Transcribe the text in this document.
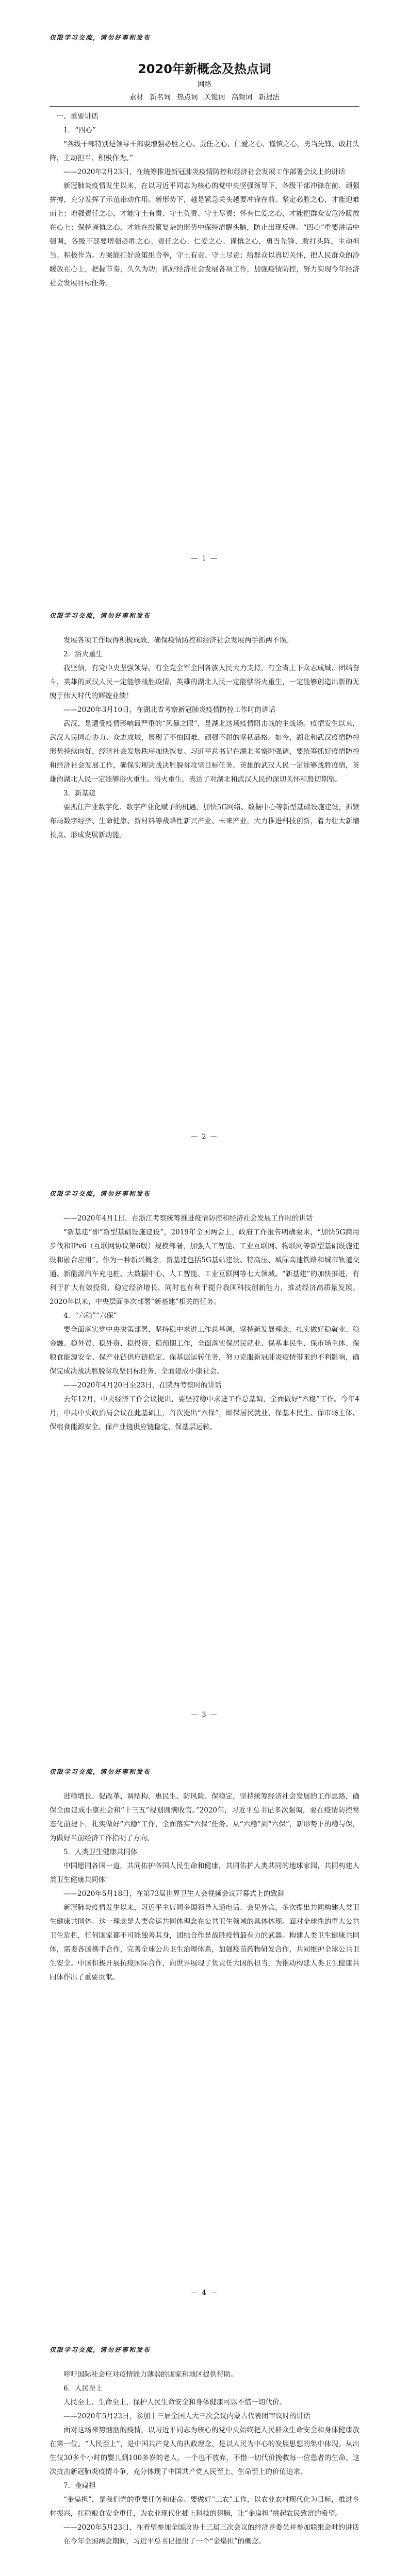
仅限学习交流，请勿好事和发布
2020年新概念及热点词
网络
素材 新名词 热点词 关键词 高频词 新提法

一、重要讲话

1．“四心”

“各级干部特别是领导干部要增强必胜之心、责任之心、仁爱之心、谨慎之心，勇当先锋、敢打头阵，主动担当、积极作为。”

——2020年2月23日，在统筹推进新冠肺炎疫情防控和经济社会发展工作部署会议上的讲话

新冠肺炎疫情发生以来，在以习近平同志为核心的党中央坚强领导下，各级干部冲锋在前、顽强拼搏，充分发挥了示范带动作用。新形势下，越是紧急关头越要冲锋在前。坚定必胜之心，才能迎难而上；增强责任之心，才能守土有责、守土负责、守土尽责；怀有仁爱之心，才能把群众安危冷暖放在心上；保持谨慎之心，才能在纷繁复杂的形势中保持清醒头脑，防止出现反弹。“四心”重要讲话中强调，各级干部要增强必胜之心、责任之心、仁爱之心、谨慎之心，勇当先锋、敢打头阵，主动担当、积极作为。方案能打好政策组合拳，守土有责、守土尽责；给群众以真切关怀，把人民群众的冷暖放在心上，把握节奏，久久为功；抓好经济社会发展各项工作，加强疫情防控，努力实现今年经济社会发展目标任务。

— 1 —
仅限学习交流，请勿好事和发布

发展各项工作取得积极成效，确保疫情防控和经济社会发展两手抓两不误。

2．浴火重生

我坚信，有党中央坚强领导，有全党全军全国各族人民大力支持，有全省上下众志成城、团结奋斗，英雄的武汉人民一定能够战胜疫情，英雄的湖北人民一定能够浴火重生，一定能够创造出新的无愧于伟大时代的辉煌业绩！

——2020年3月10日，在湖北省考察新冠肺炎疫情防控工作时的讲话

武汉，是遭受疫情影响最严重的“风暴之眼”，是湖北这场疫情阻击战的主战场。疫情发生以来，武汉人民同心协力、众志成城，展现了不怕困难、顽强不屈的坚韧品格。如今，湖北和武汉疫情防控形势持续向好，经济社会发展秩序加快恢复。习近平总书记在湖北考察时强调，要统筹抓好疫情防控和经济社会发展工作，确保实现决战决胜脱贫攻坚目标任务。英雄的武汉人民一定能够战胜疫情，英雄的湖北人民一定能够浴火重生。浴火重生，表达了对湖北和武汉人民的深切关怀和殷切期望。

3．新基建

要抓住产业数字化、数字产业化赋予的机遇，加快5G网络、数据中心等新型基础设施建设，抓紧布局数字经济、生命健康、新材料等战略性新兴产业、未来产业，大力推进科技创新，着力壮大新增长点、形成发展新动能。

— 2 —
仅限学习交流，请勿好事和发布

——2020年4月1日，在浙江考察统筹推进疫情防控和经济社会发展工作时的讲话

“新基建”即“新型基础设施建设”，2019年全国两会上，政府工作报告明确要求，“加快5G商用步伐和IPv6（互联网协议第6版）规模部署，加强人工智能、工业互联网、物联网等新型基础设施建设和融合应用”。作为一种新兴概念，新基建包括5G基站建设、特高压、城际高速铁路和城市轨道交通、新能源汽车充电桩、大数据中心、人工智能、工业互联网等七大领域。“新基建”的加快推进，有利于扩大有效投资，稳定经济增长，同时也有利于提升我国科技创新能力，推动经济高质量发展。2020年以来，中央层面多次部署“新基建”相关的任务。

4．“六稳”“六保”

要全面落实党中央决策部署，坚持稳中求进工作总基调，坚持新发展理念，扎实做好稳就业、稳金融、稳外贸、稳外资、稳投资、稳预期工作，全面落实保居民就业、保基本民生、保市场主体、保粮食能源安全、保产业链供应链稳定、保基层运转任务，努力克服新冠肺炎疫情带来的不利影响，确保完成决战决胜脱贫攻坚目标任务，全面建成小康社会。

——2020年4月20日至23日，在陕西考察时的讲话

去年12月，中央经济工作会议提出，要坚持稳中求进工作总基调，全面做好“六稳”工作。今年4月，中共中央政治局会议在此基础上，首次提出“六保”，即保居民就业、保基本民生、保市场主体、保粮食能源安全、保产业链供应链稳定、保基层运转。

— 3 —
仅限学习交流，请勿好事和发布

进稳增长、促改革、调结构、惠民生、防风险、保稳定，坚持统筹经济社会发展的工作思路，确保全面建成小康社会和“十三五”规划圆满收官。”2020年，习近平总书记多次强调，要在疫情防控常态化前提下，扎实做好“六稳”工作，全面落实“六保”任务。从“六稳”到“六保”，新形势下的稳与保，为做好当前经济工作指明了方向。

5．人类卫生健康共同体

中国愿同各国一道，共同佑护各国人民生命和健康，共同佑护人类共同的地球家园，共同构建人类卫生健康共同体！

——2020年5月18日，在第73届世界卫生大会视频会议开幕式上的致辞

新冠肺炎疫情发生以来，习近平主席同多国领导人通电话、会见外宾，多次提出共同构建人类卫生健康共同体。这一理念是人类命运共同体理念在公共卫生领域的具体体现。面对全球性的重大公共卫生危机，任何国家都不可能独善其身，团结合作是战胜疫情最有力的武器。构建人类卫生健康共同体，需要各国携手合作，完善全球公共卫生治理体系，加强疫苗药物研发合作，共同维护全球公共卫生安全。中国积极开展抗疫国际合作，向世界展现了负责任大国的担当，为推动构建人类卫生健康共同体作出了重要贡献。

— 4 —
仅限学习交流，请勿好事和发布

呼吁国际社会应对疫情能力薄弱的国家和地区提供帮助。

6．人民至上

人民至上、生命至上，保护人民生命安全和身体健康可以不惜一切代价。

——2020年5月22日，参加十三届全国人大三次会议内蒙古代表团审议时的讲话

面对这场来势汹汹的疫情，以习近平同志为核心的党中央始终把人民群众生命安全和身体健康放在第一位。“人民至上”，是中国共产党人的执政理念，是以人民为中心的发展思想的集中体现。从出生仅30多个小时的婴儿到100多岁的老人，一个也不放弃，不惜一切代价挽救每一位患者的生命。这次抗击新冠肺炎疫情斗争，充分体现了中国共产党人民至上、生命至上的价值追求。

7．金扁担

“金扁担”，是我们党的重要任务和使命。要做好“三农”工作，以农业农村现代化为目标，推进乡村振兴，扛稳粮食安全重任，为农业现代化插上科技的翅膀，让“金扁担”挑起农民致富的希望。

——2020年5月23日，在看望参加全国政协十三届三次会议的经济界委员并参加联组会时的讲话

在今年全国两会期间，习近平总书记提出了一个“金扁担”的概念。
